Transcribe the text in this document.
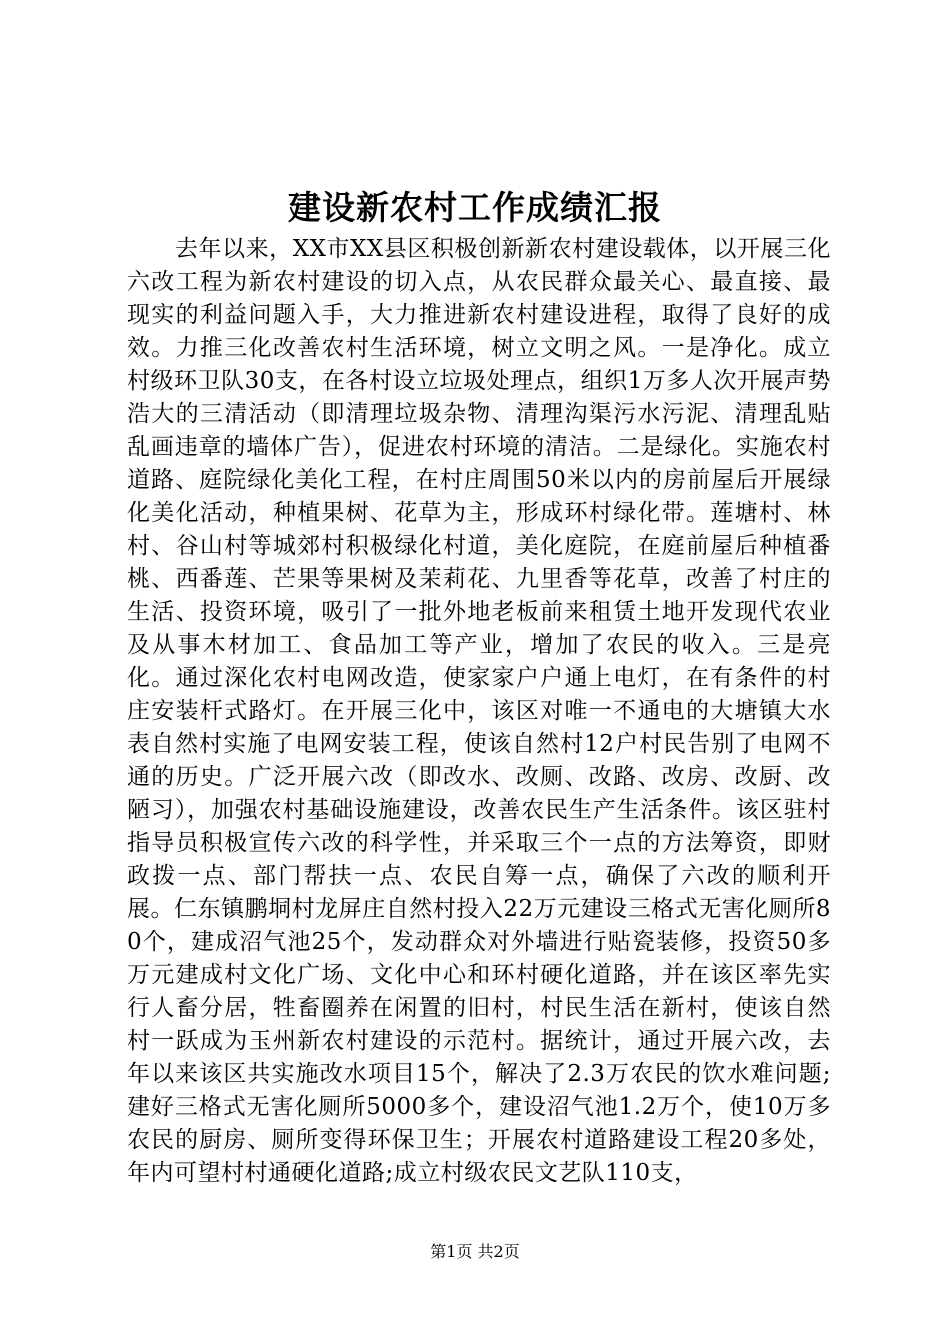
建设新农村工作成绩汇报

去年以来，XX市XX县区积极创新新农村建设载体，以开展三化六改工程为新农村建设的切入点，从农民群众最关心、最直接、最现实的利益问题入手，大力推进新农村建设进程，取得了良好的成效。力推三化改善农村生活环境，树立文明之风。一是净化。成立村级环卫队30支，在各村设立垃圾处理点，组织1万多人次开展声势浩大的三清活动（即清理垃圾杂物、清理沟渠污水污泥、清理乱贴乱画违章的墙体广告），促进农村环境的清洁。二是绿化。实施农村道路、庭院绿化美化工程，在村庄周围50米以内的房前屋后开展绿化美化活动，种植果树、花草为主，形成环村绿化带。莲塘村、林村、谷山村等城郊村积极绿化村道，美化庭院，在庭前屋后种植番桃、西番莲、芒果等果树及茉莉花、九里香等花草，改善了村庄的生活、投资环境，吸引了一批外地老板前来租赁土地开发现代农业及从事木材加工、食品加工等产业，增加了农民的收入。三是亮化。通过深化农村电网改造，使家家户户通上电灯，在有条件的村庄安装杆式路灯。在开展三化中，该区对唯一不通电的大塘镇大水表自然村实施了电网安装工程，使该自然村12户村民告别了电网不通的历史。广泛开展六改（即改水、改厕、改路、改房、改厨、改陋习），加强农村基础设施建设，改善农民生产生活条件。该区驻村指导员积极宣传六改的科学性，并采取三个一点的方法筹资，即财政拨一点、部门帮扶一点、农民自筹一点，确保了六改的顺利开展。仁东镇鹏垌村龙屏庄自然村投入22万元建设三格式无害化厕所80个，建成沼气池25个，发动群众对外墙进行贴瓷装修，投资50多万元建成村文化广场、文化中心和环村硬化道路，并在该区率先实行人畜分居，牲畜圈养在闲置的旧村，村民生活在新村，使该自然村一跃成为玉州新农村建设的示范村。据统计，通过开展六改，去年以来该区共实施改水项目15个，解决了2.3万农民的饮水难问题;建好三格式无害化厕所5000多个，建设沼气池1.2万个，使10万多农民的厨房、厕所变得环保卫生；开展农村道路建设工程20多处，年内可望村村通硬化道路;成立村级农民文艺队110支，

第1页 共2页
